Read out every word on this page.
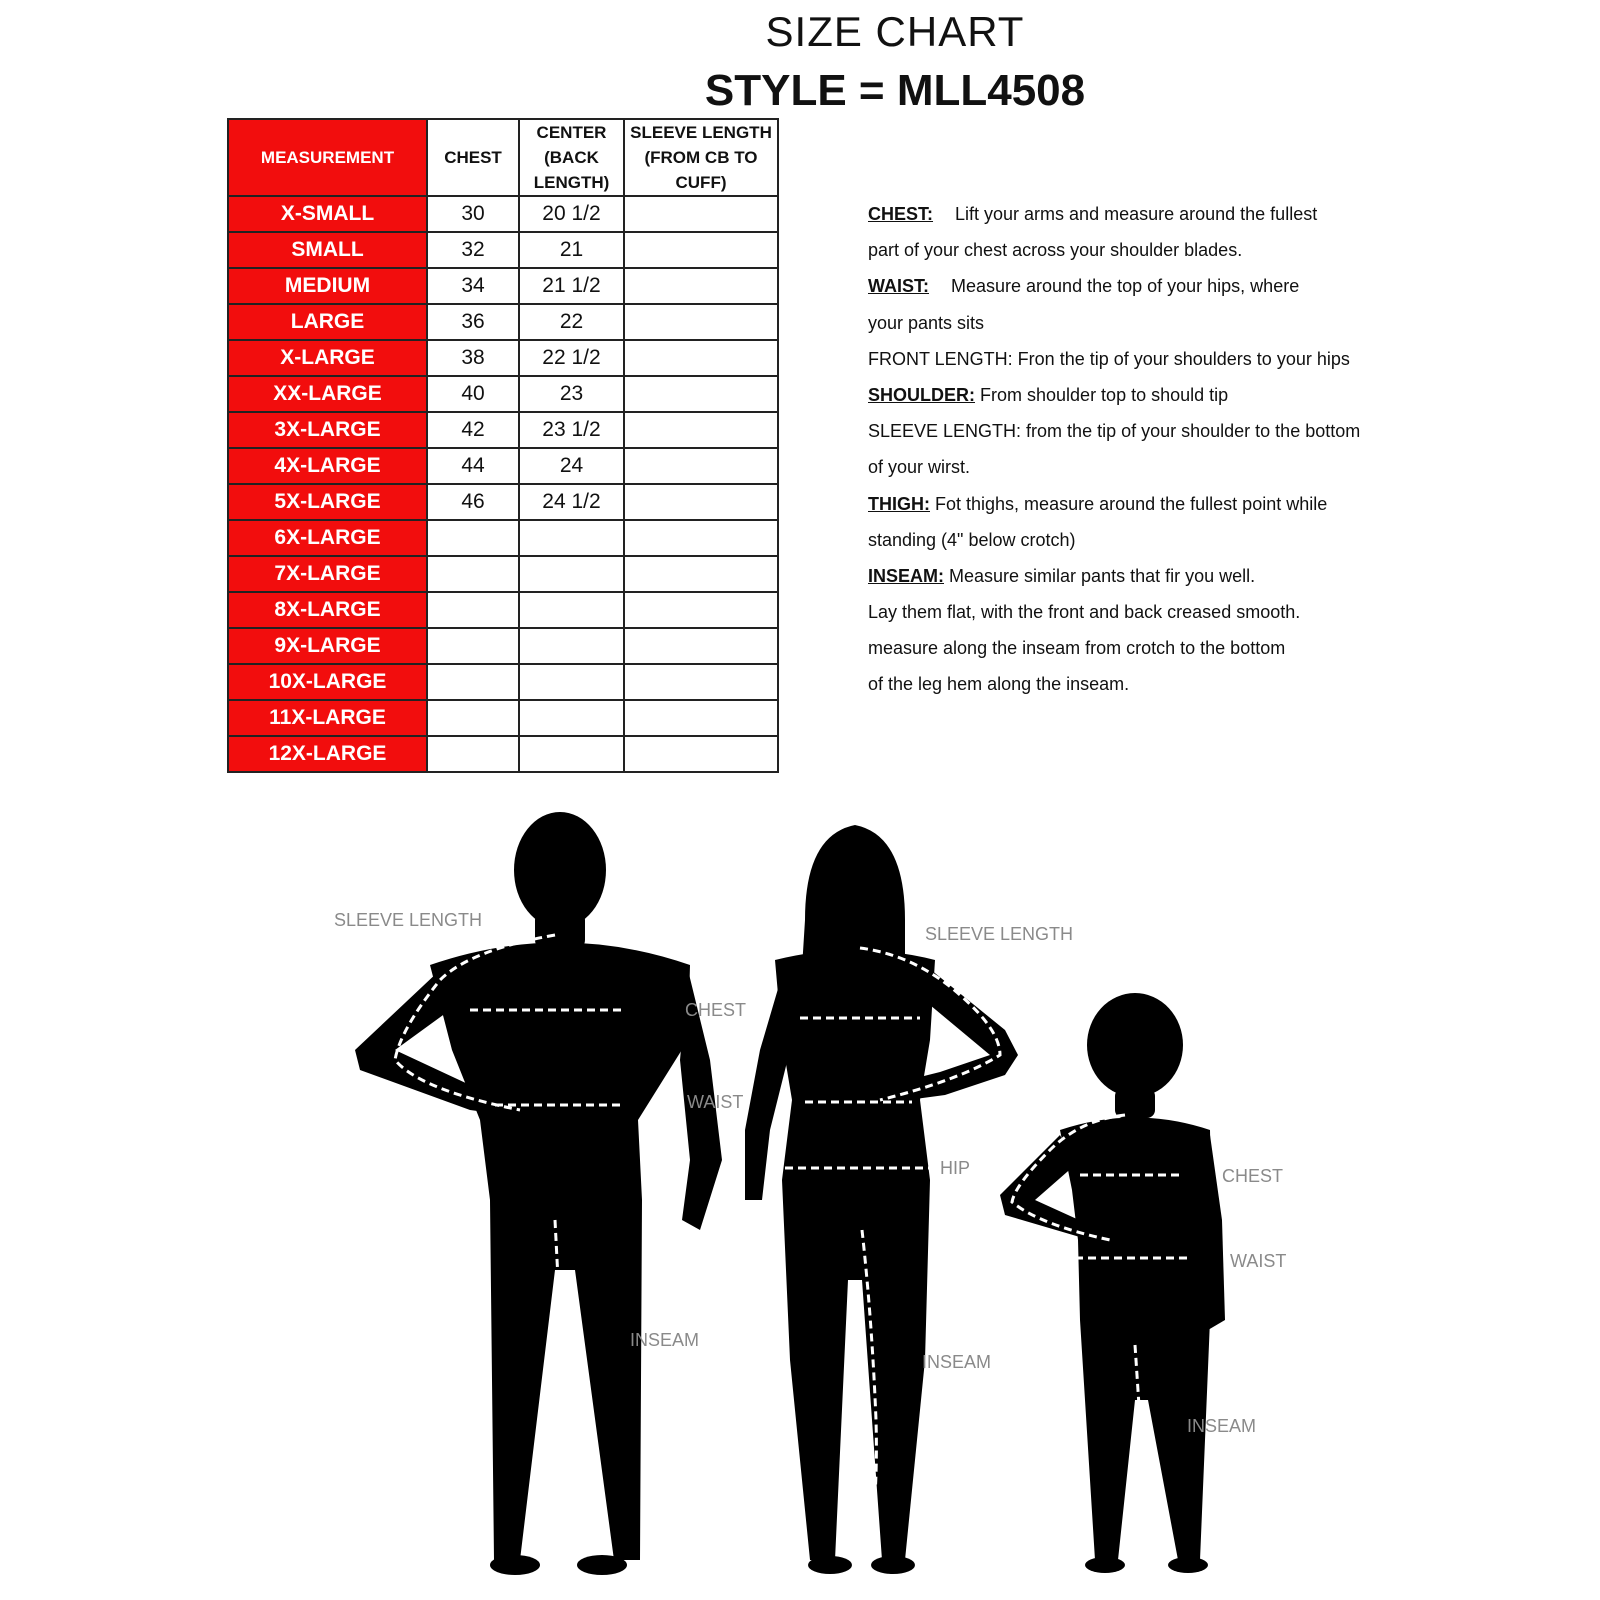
SIZE CHART
STYLE = MLL4508
MEASUREMENT	CHEST	CENTER (BACK LENGTH)	SLEEVE LENGTH (FROM CB TO CUFF)
X-SMALL	30	20 1/2	
SMALL	32	21	
MEDIUM	34	21 1/2	
LARGE	36	22	
X-LARGE	38	22 1/2	
XX-LARGE	40	23	
3X-LARGE	42	23 1/2	
4X-LARGE	44	24	
5X-LARGE	46	24 1/2	
6X-LARGE			
7X-LARGE			
8X-LARGE			
9X-LARGE			
10X-LARGE			
11X-LARGE			
12X-LARGE			
CHEST: Lift your arms and measure around the fullest
part of your chest across your shoulder blades.
WAIST: Measure around the top of your hips, where
your pants sits
FRONT LENGTH: Fron the tip of your shoulders to your hips
SHOULDER: From shoulder top to should tip
SLEEVE LENGTH: from the tip of your shoulder to the bottom
of your wirst.
THIGH: Fot thighs, measure around the fullest point while
standing (4" below crotch)
INSEAM: Measure similar pants that fir you well.
Lay them flat, with the front and back creased smooth.
measure along the inseam from crotch to the bottom
of the leg hem along the inseam.
SLEEVE LENGTH
CHEST
WAIST
INSEAM
SLEEVE LENGTH
HIP
INSEAM
CHEST
WAIST
INSEAM
